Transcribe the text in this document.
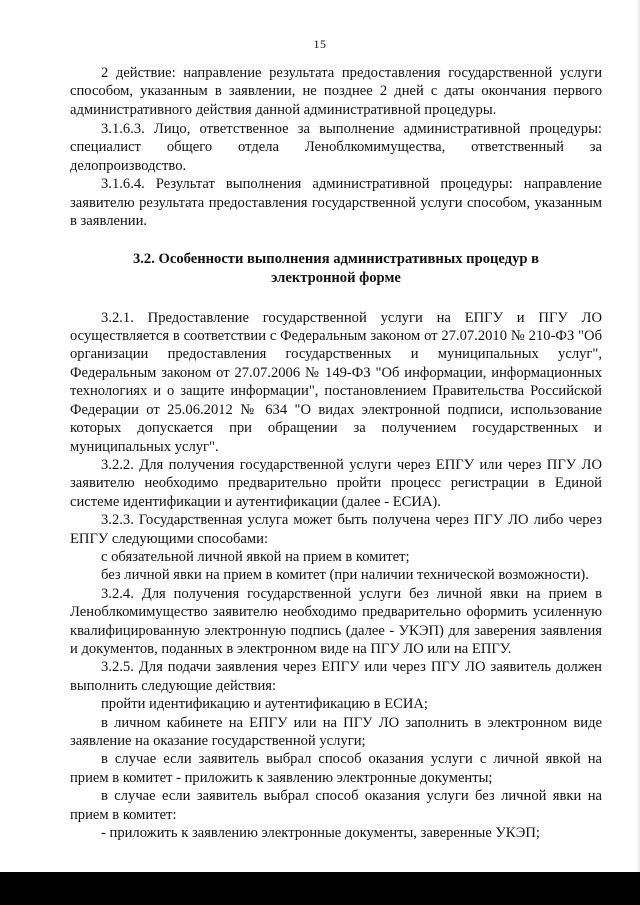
15

2 действие: направление результата предоставления государственной услуги способом, указанным в заявлении, не позднее 2 дней с даты окончания первого административного действия данной административной процедуры.

3.1.6.3. Лицо, ответственное за выполнение административной процедуры: специалист общего отдела Леноблкомимущества, ответственный за делопроизводство.

3.1.6.4. Результат выполнения административной процедуры: направление заявителю результата предоставления государственной услуги способом, указанным в заявлении.

3.2. Особенности выполнения административных процедур в
электронной форме

3.2.1. Предоставление государственной услуги на ЕПГУ и ПГУ ЛО осуществляется в соответствии с Федеральным законом от 27.07.2010 № 210-ФЗ "Об организации предоставления государственных и муниципальных услуг", Федеральным законом от 27.07.2006 № 149-ФЗ "Об информации, информационных технологиях и о защите информации", постановлением Правительства Российской Федерации от 25.06.2012 № 634 "О видах электронной подписи, использование которых допускается при обращении за получением государственных и муниципальных услуг".

3.2.2. Для получения государственной услуги через ЕПГУ или через ПГУ ЛО заявителю необходимо предварительно пройти процесс регистрации в Единой системе идентификации и аутентификации (далее - ЕСИА).

3.2.3. Государственная услуга может быть получена через ПГУ ЛО либо через ЕПГУ следующими способами:

с обязательной личной явкой на прием в комитет;

без личной явки на прием в комитет (при наличии технической возможности).

3.2.4. Для получения государственной услуги без личной явки на прием в Леноблкомимущество заявителю необходимо предварительно оформить усиленную квалифицированную электронную подпись (далее - УКЭП) для заверения заявления и документов, поданных в электронном виде на ПГУ ЛО или на ЕПГУ.

3.2.5. Для подачи заявления через ЕПГУ или через ПГУ ЛО заявитель должен выполнить следующие действия:

пройти идентификацию и аутентификацию в ЕСИА;

в личном кабинете на ЕПГУ или на ПГУ ЛО заполнить в электронном виде заявление на оказание государственной услуги;

в случае если заявитель выбрал способ оказания услуги с личной явкой на прием в комитет - приложить к заявлению электронные документы;

в случае если заявитель выбрал способ оказания услуги без личной явки на прием в комитет:

- приложить к заявлению электронные документы, заверенные УКЭП;
